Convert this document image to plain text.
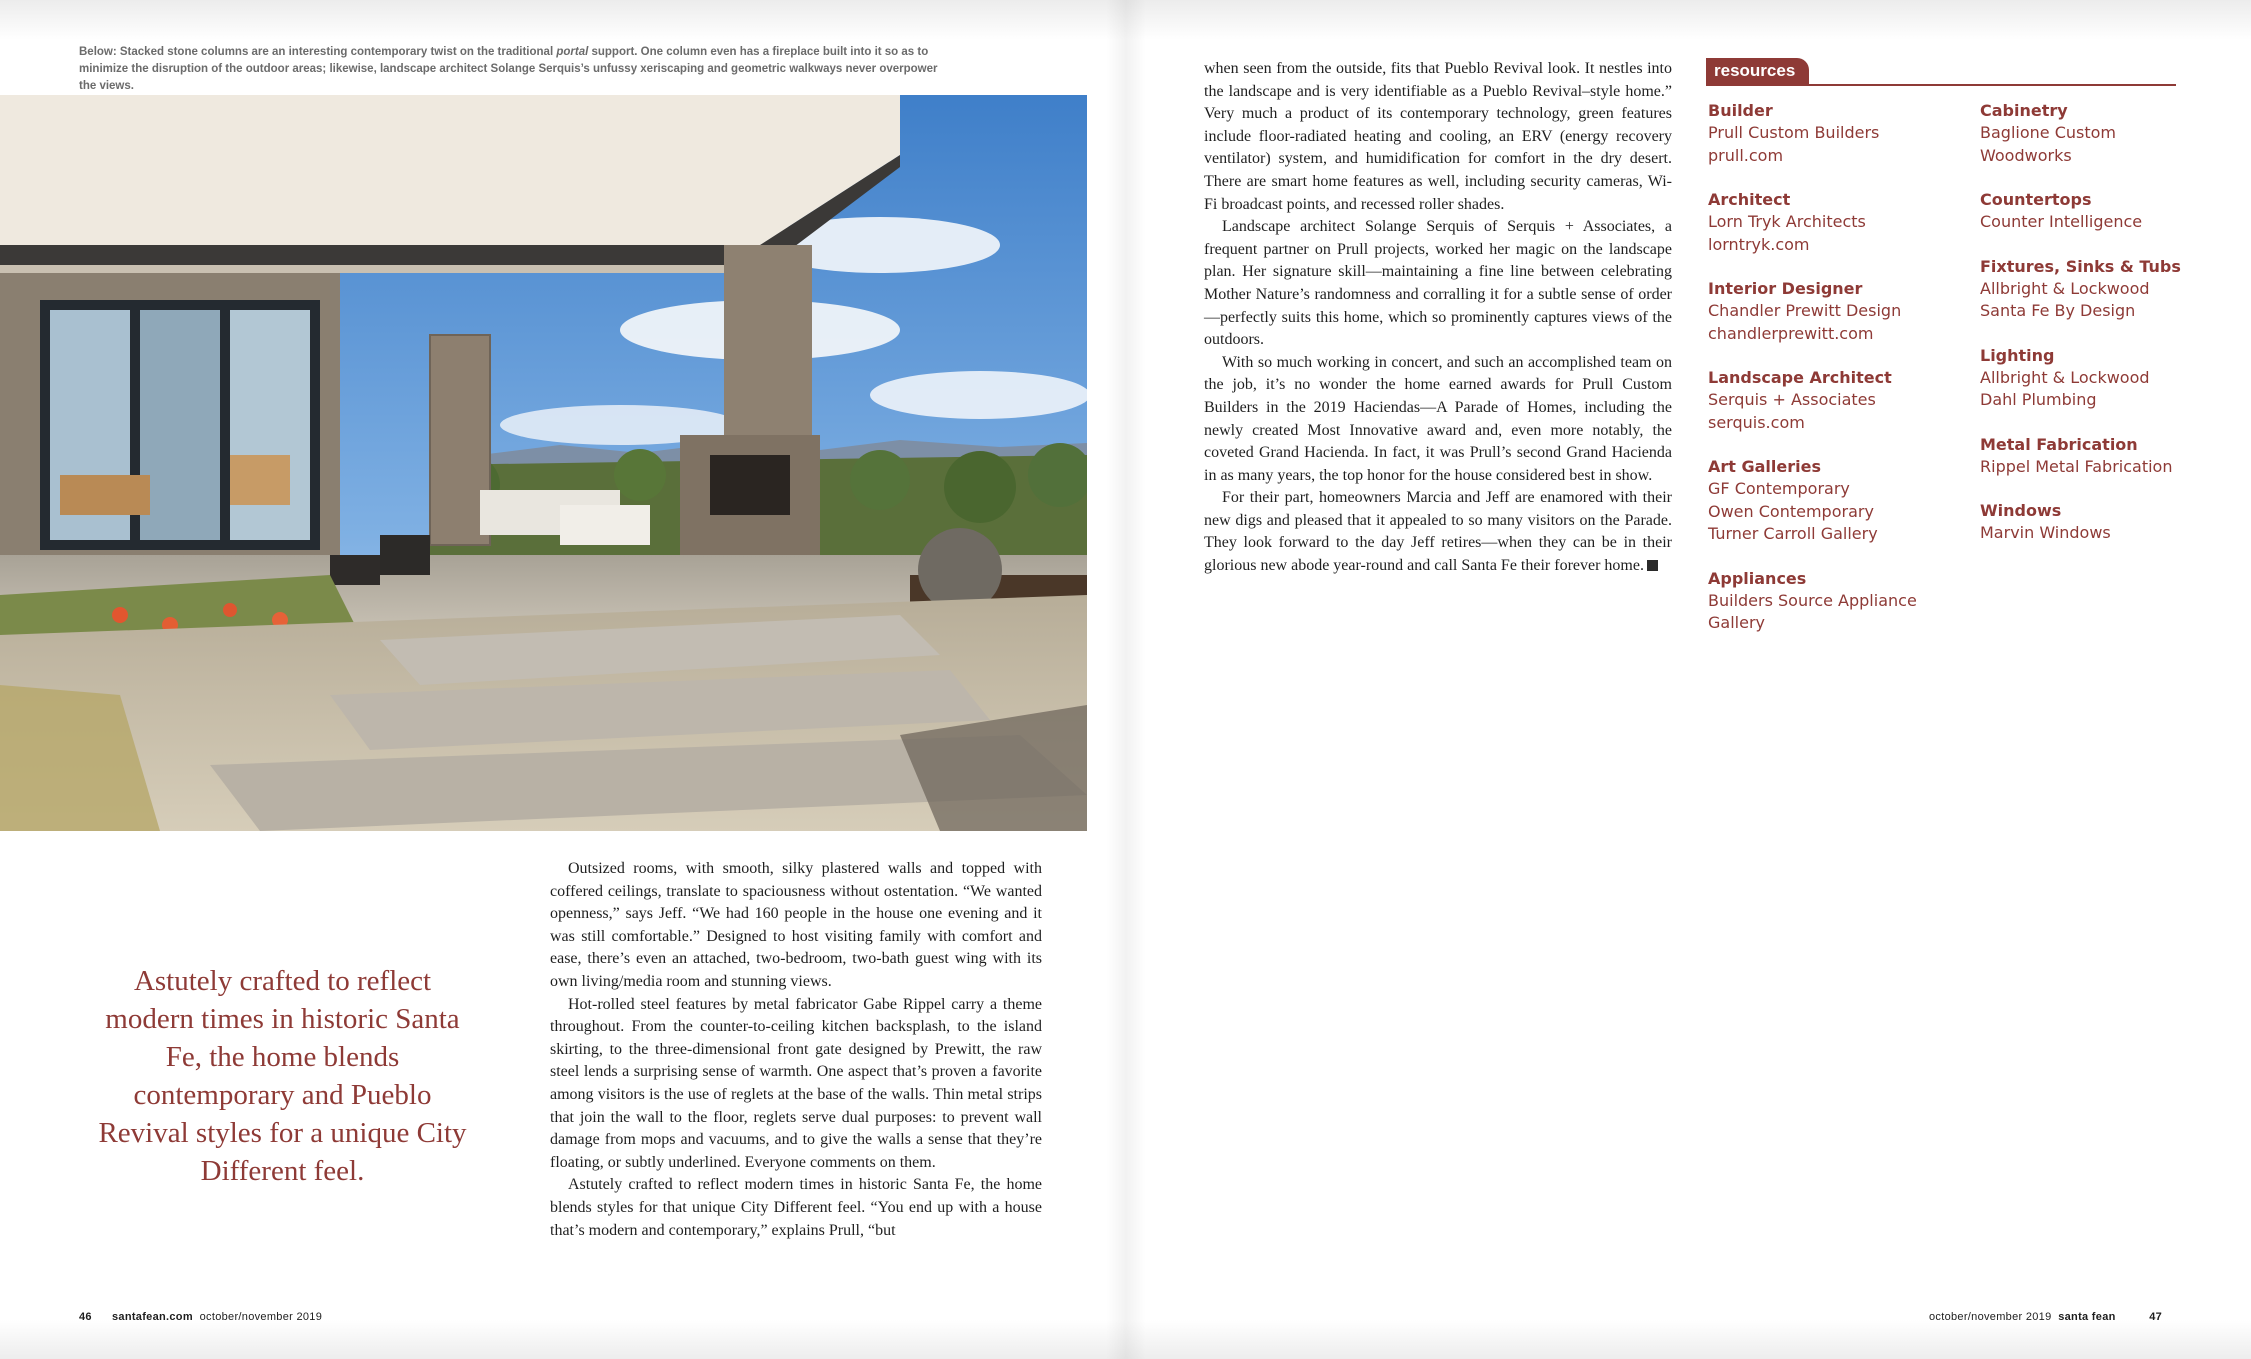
Below: Stacked stone columns are an interesting contemporary twist on the traditional portal support. One column even has a fireplace built into it so as to minimize the disruption of the outdoor areas; likewise, landscape architect Solange Serquis’s unfussy xeriscaping and geometric walkways never overpower the views.
Astutely crafted to reflect modern times in historic Santa Fe, the home blends contemporary and Pueblo Revival styles for a unique City Different feel.

Outsized rooms, with smooth, silky plastered walls and topped with coffered ceilings, translate to spaciousness without ostentation. “We wanted openness,” says Jeff. “We had 160 people in the house one evening and it was still comfortable.” Designed to host visiting family with comfort and ease, there’s even an attached, two-bedroom, two-bath guest wing with its own living/media room and stunning views.

Hot-rolled steel features by metal fabricator Gabe Rippel carry a theme throughout. From the counter-to-ceiling kitchen backsplash, to the island skirting, to the three-dimensional front gate designed by Prewitt, the raw steel lends a surprising sense of warmth. One aspect that’s proven a favorite among visitors is the use of reglets at the base of the walls. Thin metal strips that join the wall to the floor, reglets serve dual purposes: to prevent wall damage from mops and vacuums, and to give the walls a sense that they’re floating, or subtly underlined. Everyone comments on them.

Astutely crafted to reflect modern times in historic Santa Fe, the home blends styles for that unique City Different feel. “You end up with a house that’s modern and contemporary,” explains Prull, “but

when seen from the outside, fits that Pueblo Revival look. It nestles into the landscape and is very identifiable as a Pueblo Revival–style home.” Very much a product of its contemporary technology, green features include floor-radiated heating and cooling, an ERV (energy recovery ventilator) system, and humidification for comfort in the dry desert. There are smart home features as well, including security cameras, Wi-Fi broadcast points, and recessed roller shades.

Landscape architect Solange Serquis of Serquis + Associates, a frequent partner on Prull projects, worked her magic on the landscape plan. Her signature skill—maintaining a fine line between celebrating Mother Nature’s randomness and corralling it for a subtle sense of order—perfectly suits this home, which so prominently captures views of the outdoors.

With so much working in concert, and such an accomplished team on the job, it’s no wonder the home earned awards for Prull Custom Builders in the 2019 Haciendas—A Parade of Homes, including the newly created Most Innovative award and, even more notably, the coveted Grand Hacienda. In fact, it was Prull’s second Grand Hacienda in as many years, the top honor for the house considered best in show.

For their part, homeowners Marcia and Jeff are enamored with their new digs and pleased that it appealed to so many visitors on the Parade. They look forward to the day Jeff retires—when they can be in their glorious new abode year-round and call Santa Fe their forever home.

resources
Builder
Prull Custom Builders
prull.com
Architect
Lorn Tryk Architects
lorntryk.com
Interior Designer
Chandler Prewitt Design
chandlerprewitt.com
Landscape Architect
Serquis + Associates
serquis.com
Art Galleries
GF Contemporary
Owen Contemporary
Turner Carroll Gallery
Appliances
Builders Source Appliance
Gallery
Cabinetry
Baglione Custom
Woodworks
Countertops
Counter Intelligence
Fixtures, Sinks & Tubs
Allbright & Lockwood
Santa Fe By Design
Lighting
Allbright & Lockwood
Dahl Plumbing
Metal Fabrication
Rippel Metal Fabrication
Windows
Marvin Windows
46 santafean.com october/november 2019	october/november 2019 santa fean	47
